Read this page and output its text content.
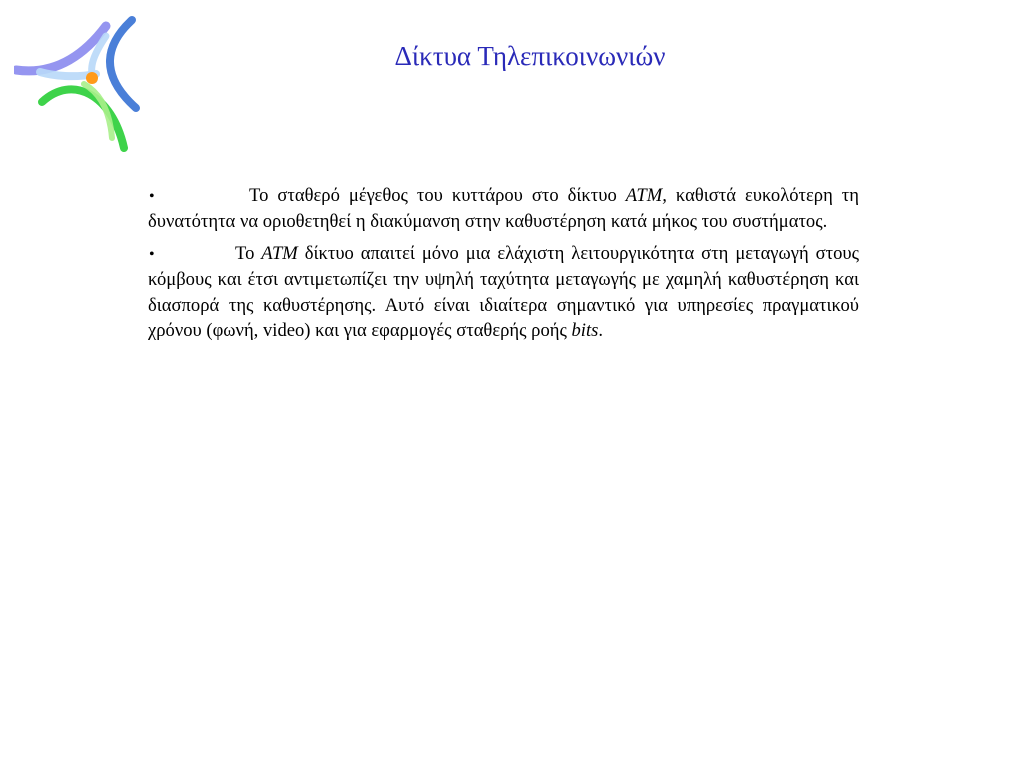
Δίκτυα Τηλεπικοινωνιών

•	Το σταθερό μέγεθος του κυττάρου στο δίκτυο ATM, καθιστά ευκολότερη τη δυνατότητα να οριοθετηθεί η διακύμανση στην καθυστέρηση κατά μήκος του συστήματος.

•	Το ATM δίκτυο απαιτεί μόνο μια ελάχιστη λειτουργικότητα στη μεταγωγή στους κόμβους και έτσι αντιμετωπίζει την υψηλή ταχύτητα μεταγωγής με χαμηλή καθυστέρηση και διασπορά της καθυστέρησης. Αυτό είναι ιδιαίτερα σημαντικό για υπηρεσίες πραγματικού χρόνου (φωνή, video) και για εφαρμογές σταθερής ροής bits.
